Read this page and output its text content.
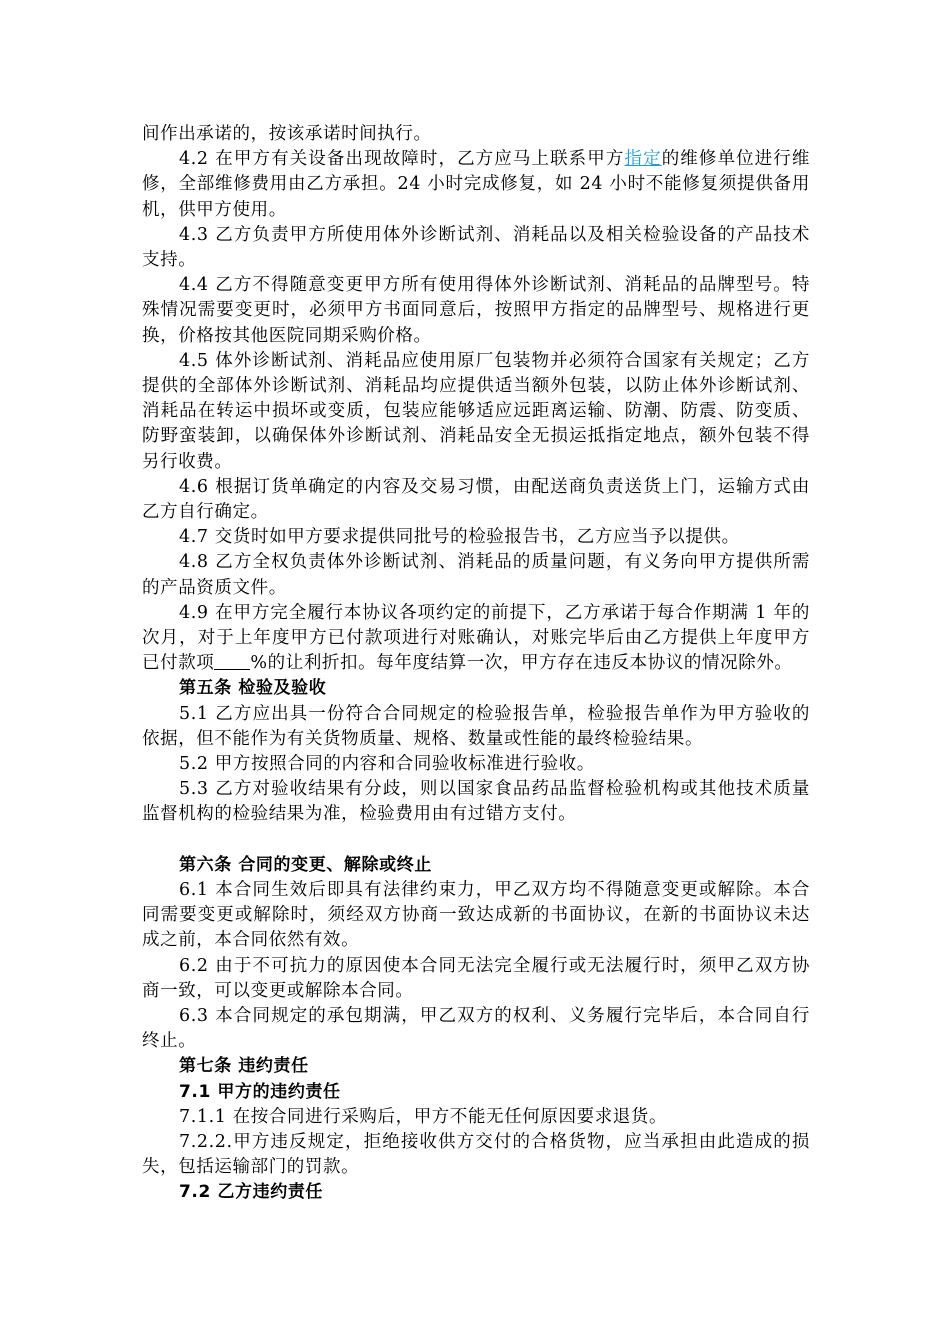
间作出承诺的，按该承诺时间执行。

4.2 在甲方有关设备出现故障时，乙方应马上联系甲方指定的维修单位进行维修，全部维修费用由乙方承担。24 小时完成修复，如 24 小时不能修复须提供备用机，供甲方使用。

4.3 乙方负责甲方所使用体外诊断试剂、消耗品以及相关检验设备的产品技术支持。

4.4 乙方不得随意变更甲方所有使用得体外诊断试剂、消耗品的品牌型号。特殊情况需要变更时，必须甲方书面同意后，按照甲方指定的品牌型号、规格进行更换，价格按其他医院同期采购价格。

4.5 体外诊断试剂、消耗品应使用原厂包装物并必须符合国家有关规定；乙方提供的全部体外诊断试剂、消耗品均应提供适当额外包装，以防止体外诊断试剂、消耗品在转运中损坏或变质，包装应能够适应远距离运输、防潮、防震、防变质、防野蛮装卸，以确保体外诊断试剂、消耗品安全无损运抵指定地点，额外包装不得另行收费。

4.6 根据订货单确定的内容及交易习惯，由配送商负责送货上门，运输方式由乙方自行确定。

4.7 交货时如甲方要求提供同批号的检验报告书，乙方应当予以提供。

4.8 乙方全权负责体外诊断试剂、消耗品的质量问题，有义务向甲方提供所需的产品资质文件。

4.9 在甲方完全履行本协议各项约定的前提下，乙方承诺于每合作期满 1 年的次月，对于上年度甲方已付款项进行对账确认，对账完毕后由乙方提供上年度甲方已付款项 %的让利折扣。每年度结算一次，甲方存在违反本协议的情况除外。

第五条 检验及验收

5.1 乙方应出具一份符合合同规定的检验报告单，检验报告单作为甲方验收的依据，但不能作为有关货物质量、规格、数量或性能的最终检验结果。

5.2 甲方按照合同的内容和合同验收标准进行验收。

5.3 乙方对验收结果有分歧，则以国家食品药品监督检验机构或其他技术质量监督机构的检验结果为准，检验费用由有过错方支付。

第六条 合同的变更、解除或终止

6.1 本合同生效后即具有法律约束力，甲乙双方均不得随意变更或解除。本合同需要变更或解除时，须经双方协商一致达成新的书面协议，在新的书面协议未达成之前，本合同依然有效。

6.2 由于不可抗力的原因使本合同无法完全履行或无法履行时，须甲乙双方协商一致，可以变更或解除本合同。

6.3 本合同规定的承包期满，甲乙双方的权利、义务履行完毕后，本合同自行终止。

第七条 违约责任

7.1 甲方的违约责任

7.1.1 在按合同进行采购后，甲方不能无任何原因要求退货。

7.2.2.甲方违反规定，拒绝接收供方交付的合格货物，应当承担由此造成的损失，包括运输部门的罚款。

7.2 乙方违约责任
